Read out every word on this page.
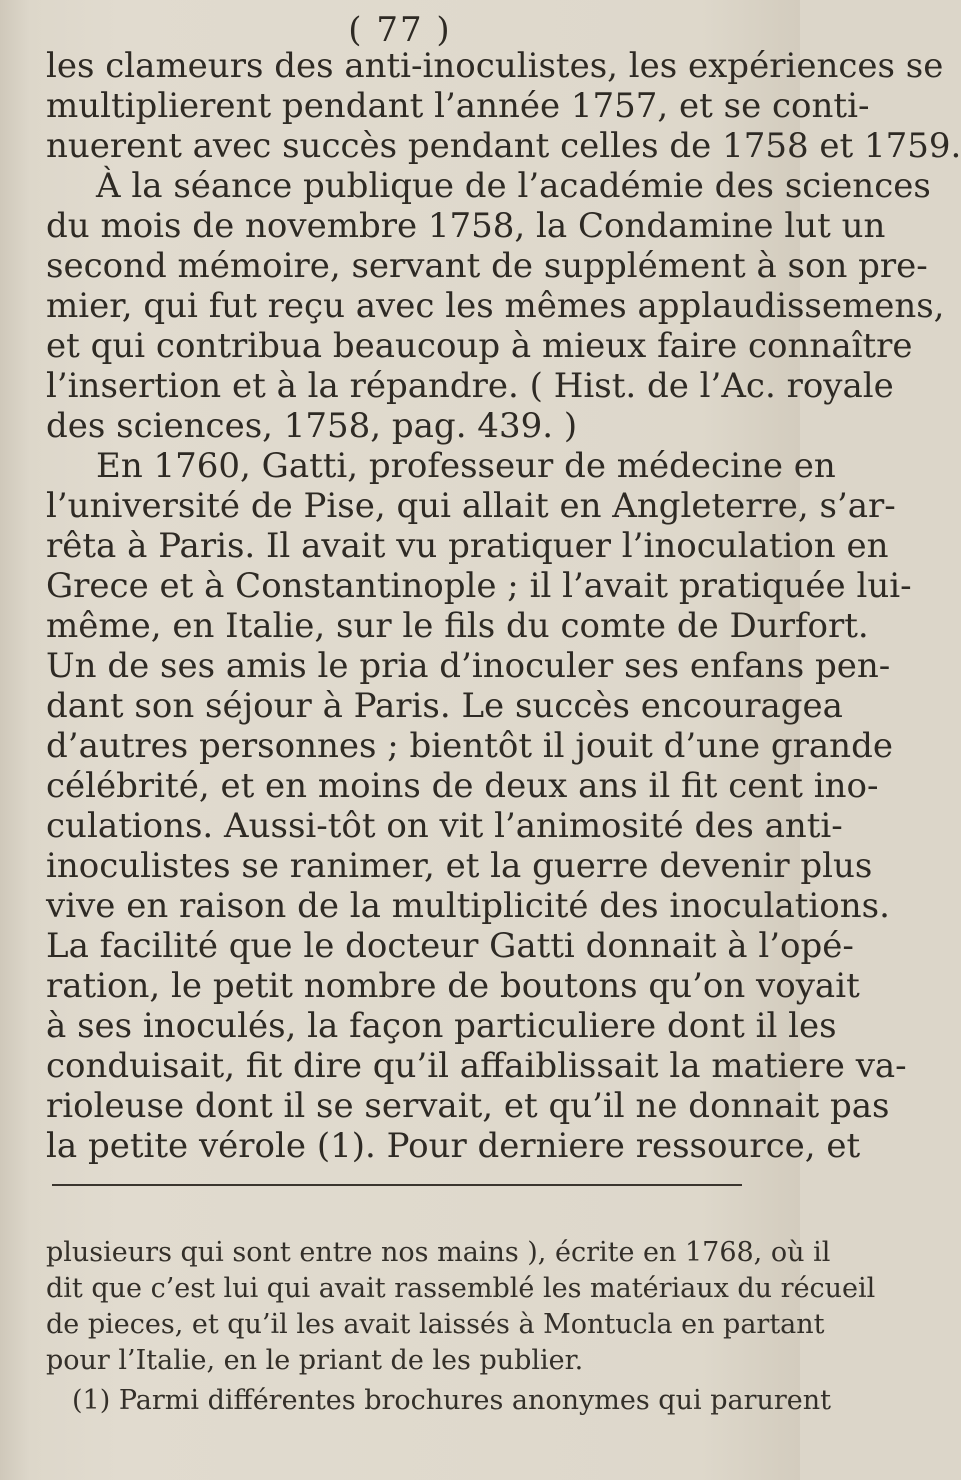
( 77 )
les clameurs des anti-inoculistes, les expériences se
multiplierent pendant l’année 1757, et se conti-
nuerent avec succès pendant celles de 1758 et 1759.
À la séance publique de l’académie des sciences
du mois de novembre 1758, la Condamine lut un
second mémoire, servant de supplément à son pre-
mier, qui fut reçu avec les mêmes applaudissemens,
et qui contribua beaucoup à mieux faire connaître
l’insertion et à la répandre. ( Hist. de l’Ac. royale
des sciences, 1758, pag. 439. )
En 1760, Gatti, professeur de médecine en
l’université de Pise, qui allait en Angleterre, s’ar-
rêta à Paris. Il avait vu pratiquer l’inoculation en
Grece et à Constantinople ; il l’avait pratiquée lui-
même, en Italie, sur le fils du comte de Durfort.
Un de ses amis le pria d’inoculer ses enfans pen-
dant son séjour à Paris. Le succès encouragea
d’autres personnes ; bientôt il jouit d’une grande
célébrité, et en moins de deux ans il fit cent ino-
culations. Aussi-tôt on vit l’animosité des anti-
inoculistes se ranimer, et la guerre devenir plus
vive en raison de la multiplicité des inoculations.
La facilité que le docteur Gatti donnait à l’opé-
ration, le petit nombre de boutons qu’on voyait
à ses inoculés, la façon particuliere dont il les
conduisait, fit dire qu’il affaiblissait la matiere va-
rioleuse dont il se servait, et qu’il ne donnait pas
la petite vérole (1). Pour derniere ressource, et
plusieurs qui sont entre nos mains ), écrite en 1768, où il
dit que c’est lui qui avait rassemblé les matériaux du récueil
de pieces, et qu’il les avait laissés à Montucla en partant
pour l’Italie, en le priant de les publier.
(1) Parmi différentes brochures anonymes qui parurent
